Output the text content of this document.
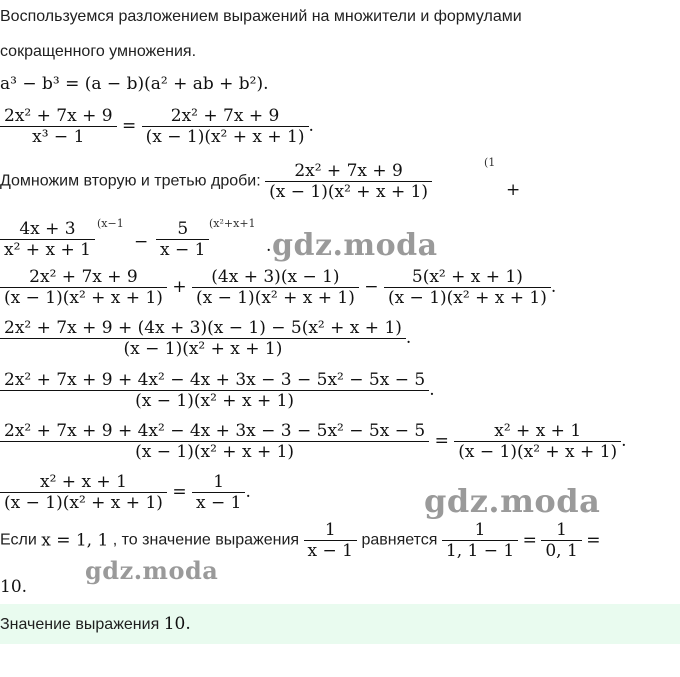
Воспользуемся разложением выражений на множители и формулами
сокращенного умножения.
a³ − b³ = (a − b)(a² + ab + b²).
$\frac{\text{2x² + 7x + 9}}{\text{x³ − 1}} = \frac{\text{2x² + 7x + 9}}{\text{(x − 1)(x² + x + 1)}}$ .
Домножим вторую и третью дроби: $\frac{\text{2x² + 7x + 9}}{\text{(x − 1)(x² + x + 1)}}$	(1
+
$\frac{4x + 3}{\text{x² + x + 1}} (x-1$
− $\frac{5}{x - 1} (x^2+x+1$
. gdz.moda
$\frac{\text{2x² + 7x + 9}}{\text{(x − 1)(x² + x + 1)}} + \frac{(4x + 3)(x - 1)}{\text{(x − 1)(x² + x + 1)}} - \frac{\text{5(x² + x + 1)}}{\text{(x − 1)(x² + x + 1)}}$ .
$\frac{\text{2x² + 7x + 9 + (4x + 3)(x − 1) − 5(x² + x + 1)}}{\text{(x − 1)(x² + x + 1)}}$ .
$\frac{\text{2x² + 7x + 9 + 4x² − 4x + 3x − 3 − 5x² − 5x − 5}}{\text{(x − 1)(x² + x + 1)}}$ .
$\frac{\text{2x² + 7x + 9 + 4x² − 4x + 3x − 3 − 5x² − 5x − 5}}{\text{(x − 1)(x² + x + 1)}} = \frac{\text{x² + x + 1}}{\text{(x − 1)(x² + x + 1)}}$ .
$\frac{\text{x² + x + 1}}{\text{(x − 1)(x² + x + 1)}} = \frac{1}{x - 1}$ .	gdz.moda
Если x = 1, 1 , то значение выражения $\frac{1}{x - 1}$ равняется $\frac{1}{1, 1 - 1} = \frac{1}{0, 1}$ =
10.
gdz.moda
Значение выражения 10.
